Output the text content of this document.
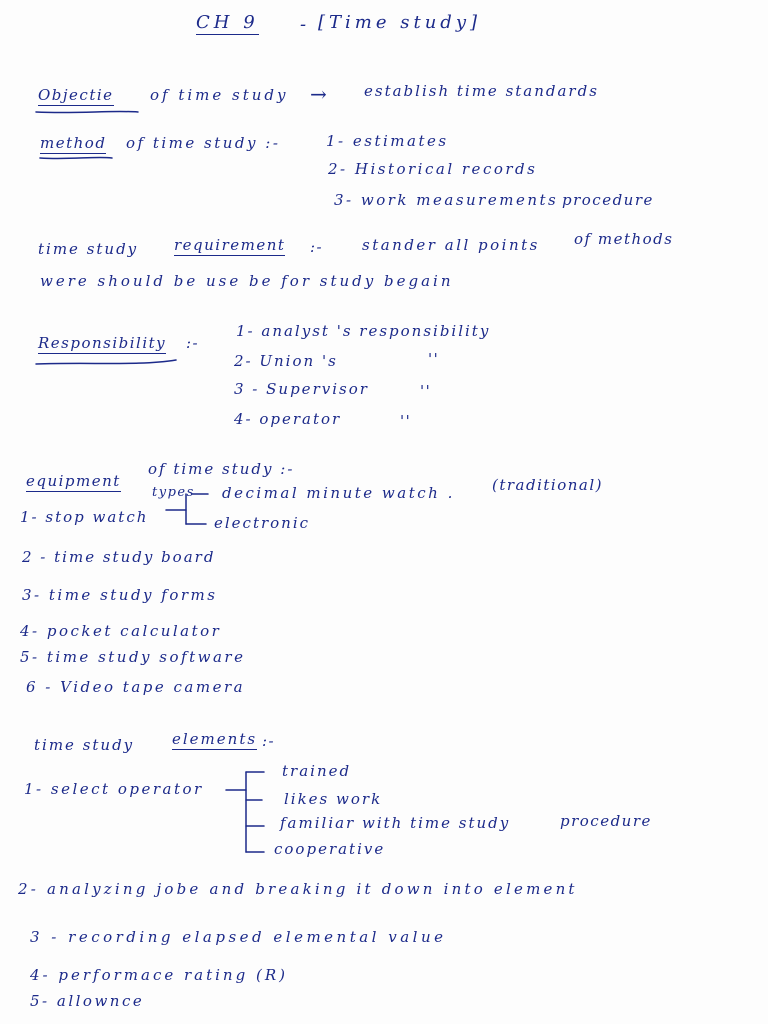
CH 9 - [Time study]
Objectie of time study → establish time standards
method of time study :-	1- estimates
2- Historical records
3- work measurements procedure
time study requirement :-	stander all points of methods
were should be use be for study begain
Responsibility :-
1- analyst 's responsibility
2- Union 's
3 - Supervisor
4- operator
''
''
''
equipment
of time study :-
types decimal minute watch . (traditional)
electronic
1- stop watch
2 - time study board
3- time study forms
4- pocket calculator
5- time study software
6 - Video tape camera
time study	elements :-
1- select operator
trained
likes work
familiar with time study	procedure
cooperative
2- analyzing jobe and breaking it down into element
3 - recording elapsed elemental value
4- performace rating (R)
5- allownce
